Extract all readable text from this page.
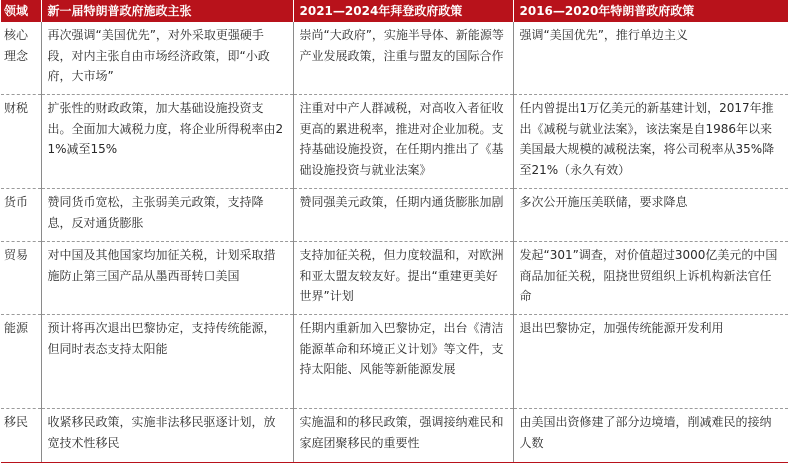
领域	新一届特朗普政府施政主张	2021—2024年拜登政府政策	2016—2020年特朗普政府政策
核心理念	再次强调“美国优先”，对外采取更强硬手段，对内主张自由市场经济政策，即“小政府，大市场”	崇尚“大政府”，实施半导体、新能源等产业发展政策，注重与盟友的国际合作	强调“美国优先”，推行单边主义
财税	扩张性的财政政策，加大基础设施投资支出。全面加大减税力度，将企业所得税率由21%减至15%	注重对中产人群减税，对高收入者征收更高的累进税率，推进对企业加税。支持基础设施投资，在任期内推出了《基础设施投资与就业法案》	任内曾提出1万亿美元的新基建计划，2017年推出《减税与就业法案》，该法案是自1986年以来美国最大规模的减税法案，将公司税率从35%降至21%（永久有效）
货币	赞同货币宽松，主张弱美元政策，支持降息，反对通货膨胀	赞同强美元政策，任期内通货膨胀加剧	多次公开施压美联储，要求降息
贸易	对中国及其他国家均加征关税，计划采取措施防止第三国产品从墨西哥转口美国	支持加征关税，但力度较温和，对欧洲和亚太盟友较友好。提出“重建更美好世界”计划	发起“301”调查，对价值超过3000亿美元的中国商品加征关税，阻挠世贸组织上诉机构新法官任命
能源	预计将再次退出巴黎协定，支持传统能源，但同时表态支持太阳能	任期内重新加入巴黎协定，出台《清洁能源革命和环境正义计划》等文件，支持太阳能、风能等新能源发展	退出巴黎协定，加强传统能源开发利用
移民	收紧移民政策，实施非法移民驱逐计划，放宽技术性移民	实施温和的移民政策，强调接纳难民和家庭团聚移民的重要性	由美国出资修建了部分边境墙，削减难民的接纳人数
